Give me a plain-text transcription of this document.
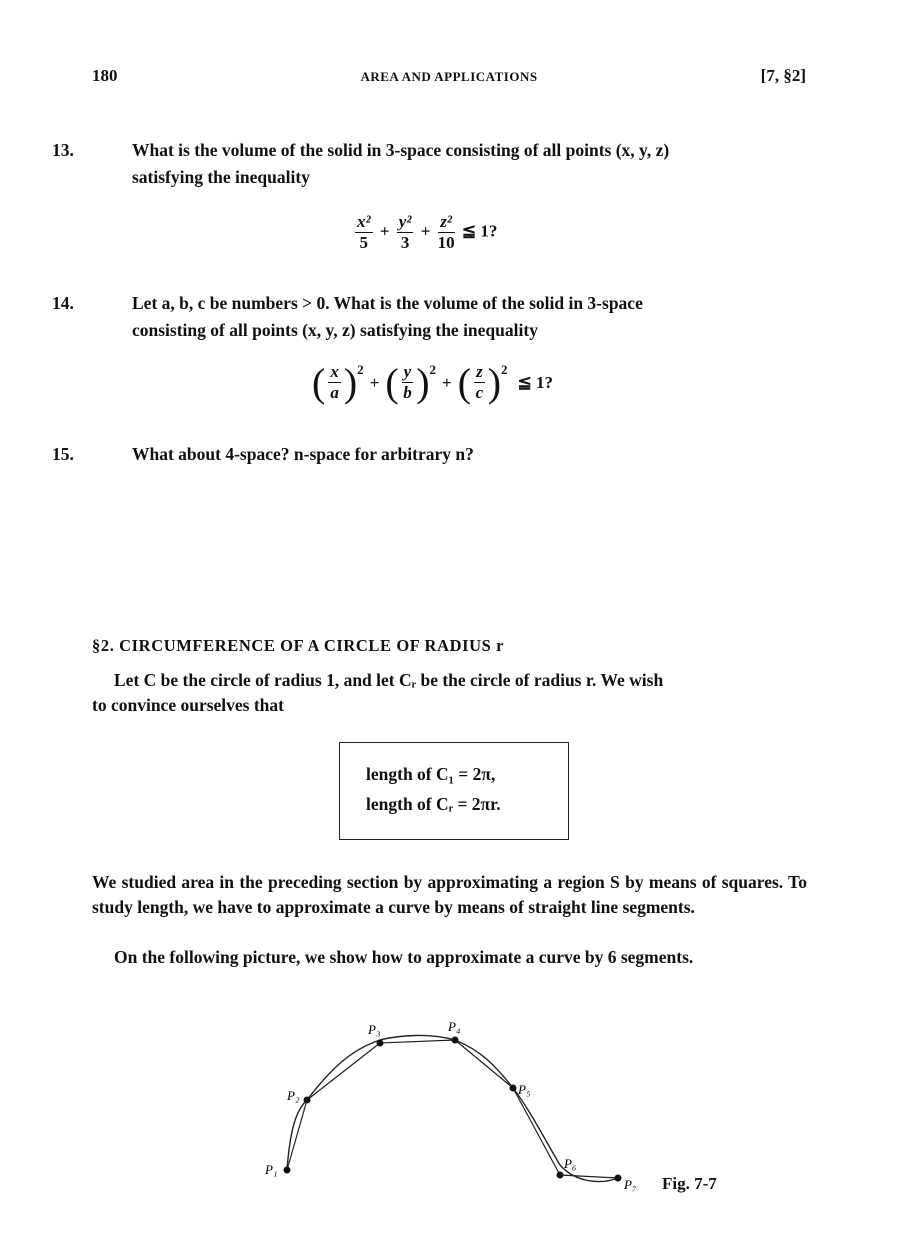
180	AREA AND APPLICATIONS	[7, §2]
13.	What is the volume of the solid in 3-space consisting of all points (x, y, z)
satisfying the inequality
$\frac{\text{x²}}{5} + \frac{\text{y²}}{3} + \frac{\text{z²}}{10}$ ≦ 1?
14.	Let a, b, c be numbers > 0. What is the volume of the solid in 3-space
consisting of all points (x, y, z) satisfying the inequality
( $\frac{x}{a} )^2$
+ ( $\frac{y}{b} )^2$
+ ( $\frac{z}{c} )^2$
≦ 1?
15.	What about 4-space? n-space for arbitrary n?
§2. CIRCUMFERENCE OF A CIRCLE OF RADIUS r
Let C be the circle of radius 1, and let Cᵣ be the circle of radius r. We wish
to convince ourselves that
length of C₁ = 2π,
length of Cᵣ = 2πr.
We studied area in the preceding section by approximating a region S by means of squares. To study length, we have to approximate a curve by means of straight line segments.
On the following picture, we show how to approximate a curve by 6 segments.
P₁
P₂
P₃	P₄
P₅
P₆
P₇ Fig. 7-7
